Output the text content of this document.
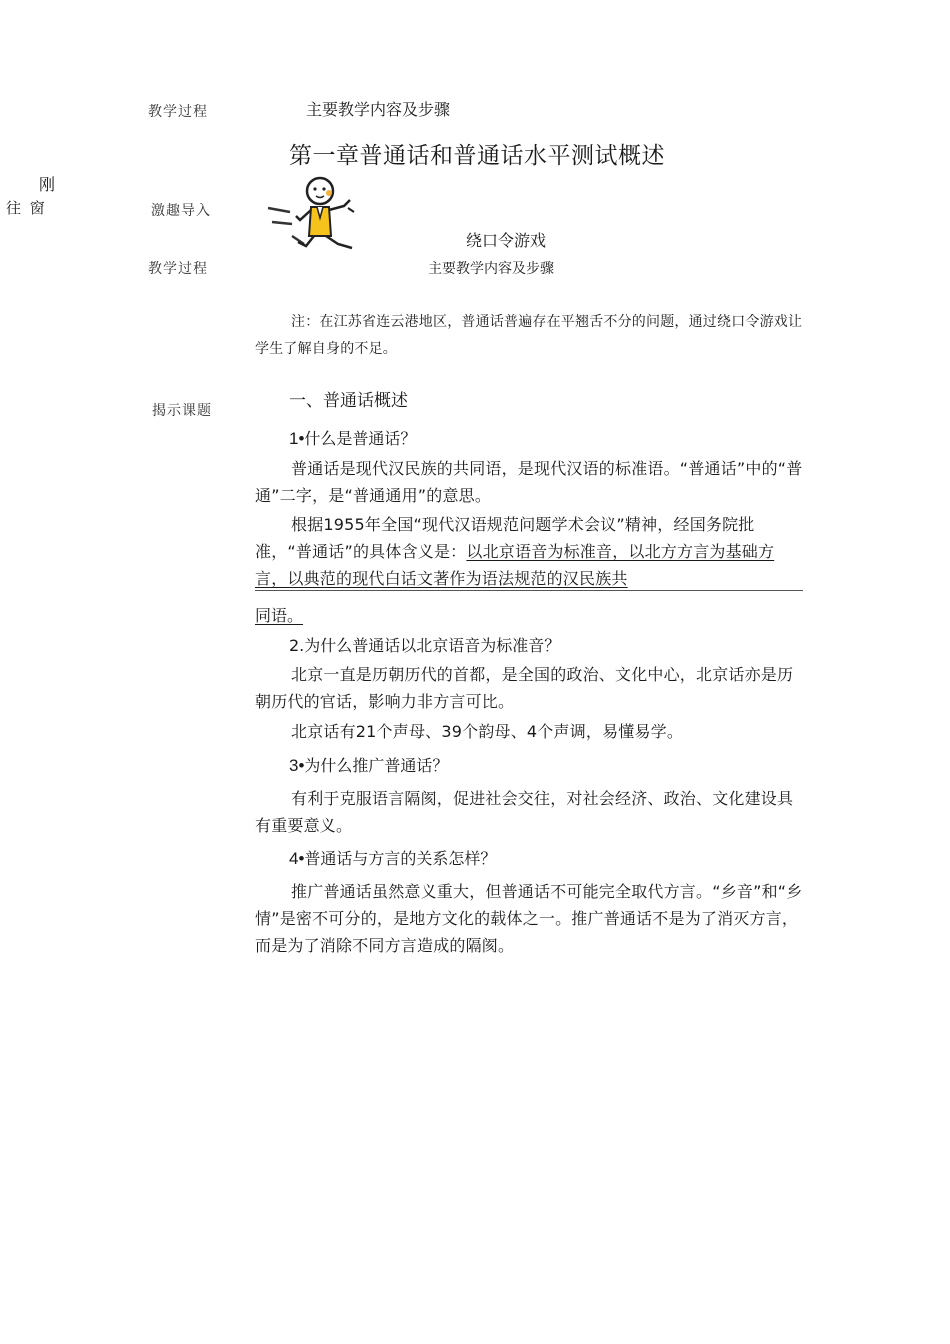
教学过程	主要教学内容及步骤
第一章普通话和普通话水平测试概述
刚
往 窗	激趣导入
绕口令游戏
教学过程	主要教学内容及步骤
注：在江苏省连云港地区，普通话普遍存在平翘舌不分的问题，通过绕口令游戏让学生了解自身的不足。
揭示课题	一、普通话概述
1•什么是普通话？
普通话是现代汉民族的共同语，是现代汉语的标准语。“普通话”中的“普通”二字，是“普通通用”的意思。
根据1955年全国“现代汉语规范问题学术会议”精神，经国务院批准，“普通话”的具体含义是：以北京语音为标准音，以北方方言为基础方言，以典范的现代白话文著作为语法规范的汉民族共
同语。
2.为什么普通话以北京语音为标准音？
北京一直是历朝历代的首都，是全国的政治、文化中心，北京话亦是历朝历代的官话，影响力非方言可比。
北京话有21个声母、39个韵母、4个声调，易懂易学。
3•为什么推广普通话？
有利于克服语言隔阂，促进社会交往，对社会经济、政治、文化建设具有重要意义。
4•普通话与方言的关系怎样？
推广普通话虽然意义重大，但普通话不可能完全取代方言。“乡音”和“乡情”是密不可分的，是地方文化的载体之一。推广普通话不是为了消灭方言，而是为了消除不同方言造成的隔阂。
